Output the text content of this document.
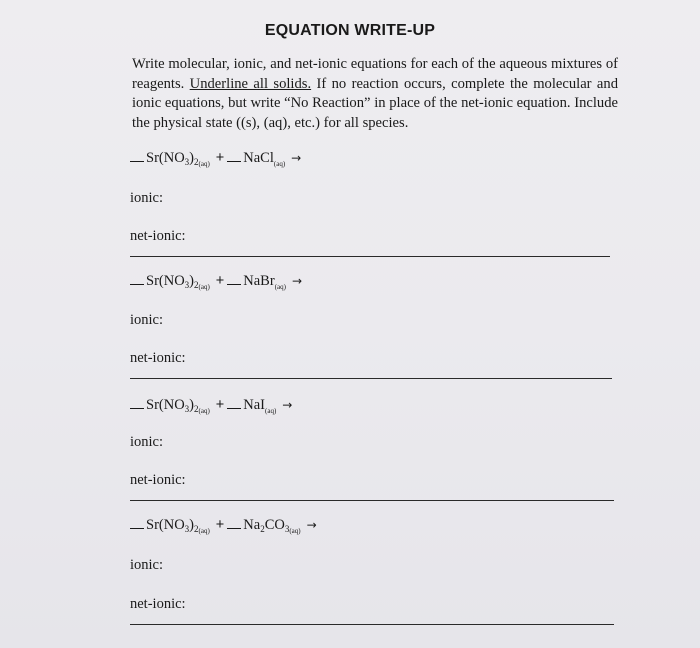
EQUATION WRITE-UP
Write molecular, ionic, and net-ionic equations for each of the aqueous mixtures of reagents. Underline all solids. If no reaction occurs, complete the molecular and ionic equations, but write “No Reaction” in place of the net-ionic equation. Include the physical state ((s), (aq), etc.) for all species.
$Sr(NO_3)_{2(aq)}$ + NaCl$_{(aq)}$ →
ionic:
net-ionic:
$Sr(NO_3)_{2(aq)}$ + NaBr$_{(aq)}$ →
ionic:
net-ionic:
$Sr(NO_3)_{2(aq)} + NaI_{(aq)}$ →
ionic:
net-ionic:
$Sr(NO_3)_{2(aq)} + Na_2CO_{3(aq)}$ →
ionic:
net-ionic:
